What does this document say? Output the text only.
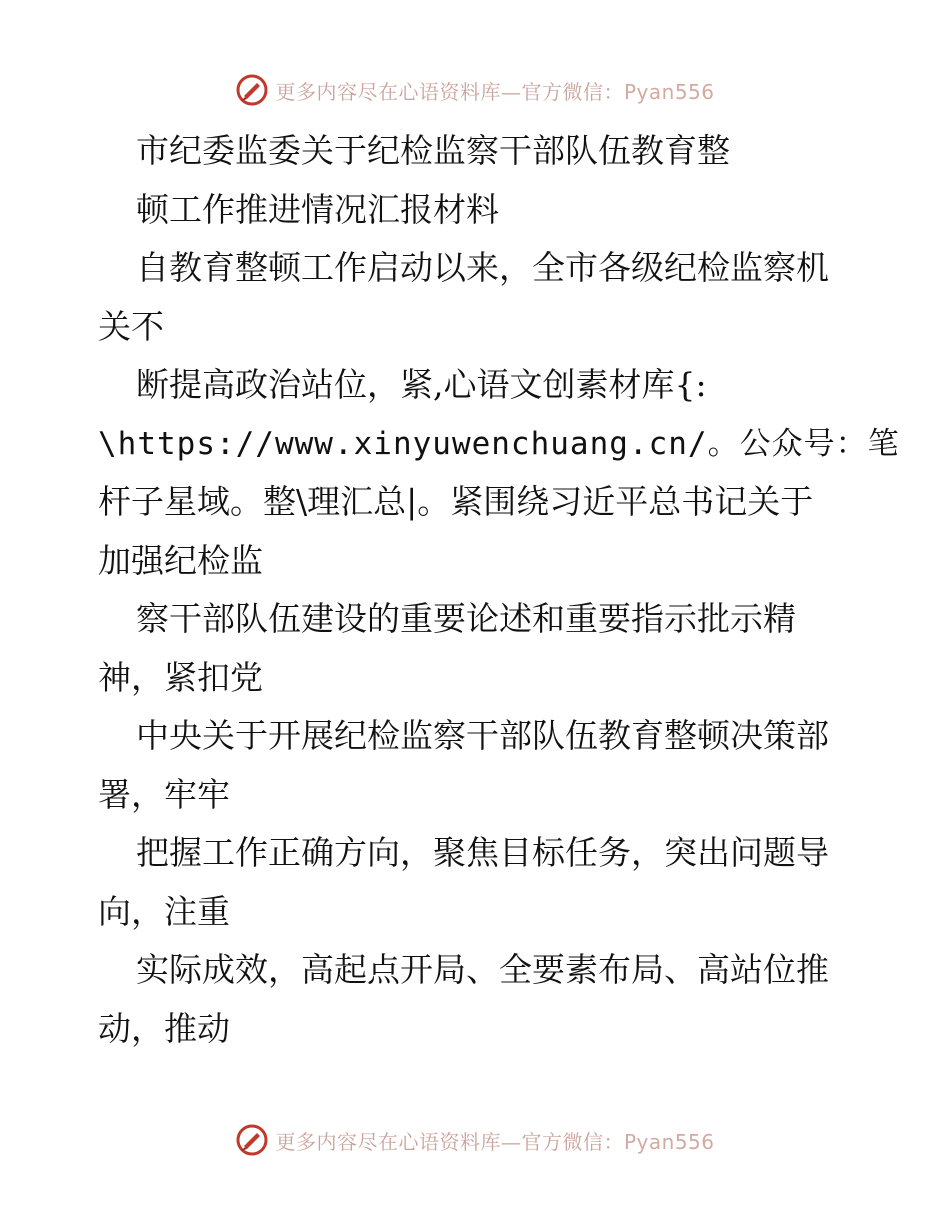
更多内容尽在心语资料库—官方微信：Pyan556
市纪委监委关于纪检监察干部队伍教育整
顿工作推进情况汇报材料
自教育整顿工作启动以来，全市各级纪检监察机
关不
断提高政治站位，紧,心语文创素材库{:
\https://www.xinyuwenchuang.cn/。公众号：笔
杆子星域。整\理汇总|。紧围绕习近平总书记关于
加强纪检监
察干部队伍建设的重要论述和重要指示批示精
神，紧扣党
中央关于开展纪检监察干部队伍教育整顿决策部
署，牢牢
把握工作正确方向，聚焦目标任务，突出问题导
向，注重
实际成效，高起点开局、全要素布局、高站位推
动，推动
更多内容尽在心语资料库—官方微信：Pyan556
